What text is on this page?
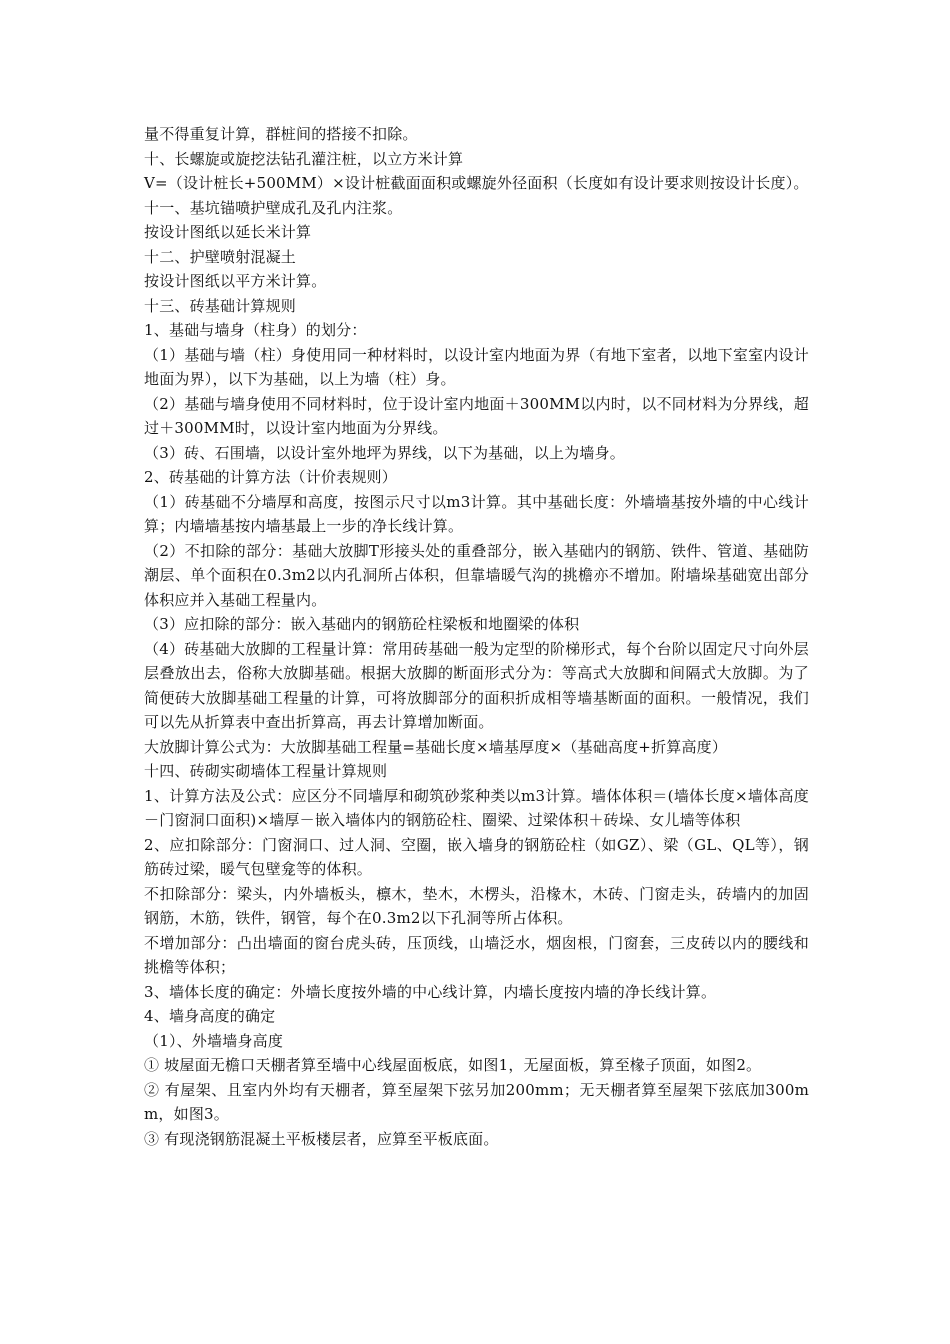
量不得重复计算，群桩间的搭接不扣除。

十、长螺旋或旋挖法钻孔灌注桩，以立方米计算

V=（设计桩长+500MM）×设计桩截面面积或螺旋外径面积（长度如有设计要求则按设计长度）。

十一、基坑锚喷护壁成孔及孔内注浆。

按设计图纸以延长米计算

十二、护壁喷射混凝土

按设计图纸以平方米计算。

十三、砖基础计算规则

1、基础与墙身（柱身）的划分：

（1）基础与墙（柱）身使用同一种材料时，以设计室内地面为界（有地下室者，以地下室室内设计地面为界），以下为基础，以上为墙（柱）身。

（2）基础与墙身使用不同材料时，位于设计室内地面＋300MM以内时，以不同材料为分界线，超过＋300MM时，以设计室内地面为分界线。

（3）砖、石围墙，以设计室外地坪为界线，以下为基础，以上为墙身。

2、砖基础的计算方法（计价表规则）

（1）砖基础不分墙厚和高度，按图示尺寸以m3计算。其中基础长度：外墙墙基按外墙的中心线计算；内墙墙基按内墙基最上一步的净长线计算。

（2）不扣除的部分：基础大放脚T形接头处的重叠部分，嵌入基础内的钢筋、铁件、管道、基础防潮层、单个面积在0.3m2以内孔洞所占体积，但靠墙暖气沟的挑檐亦不增加。附墙垛基础宽出部分体积应并入基础工程量内。

（3）应扣除的部分：嵌入基础内的钢筋砼柱梁板和地圈梁的体积

（4）砖基础大放脚的工程量计算：常用砖基础一般为定型的阶梯形式，每个台阶以固定尺寸向外层层叠放出去，俗称大放脚基础。根据大放脚的断面形式分为：等高式大放脚和间隔式大放脚。为了简便砖大放脚基础工程量的计算，可将放脚部分的面积折成相等墙基断面的面积。一般情况，我们可以先从折算表中查出折算高，再去计算增加断面。

大放脚计算公式为：大放脚基础工程量=基础长度×墙基厚度×（基础高度+折算高度）

十四、砖砌实砌墙体工程量计算规则

1、计算方法及公式：应区分不同墙厚和砌筑砂浆种类以m3计算。墙体体积＝(墙体长度×墙体高度－门窗洞口面积)×墙厚－嵌入墙体内的钢筋砼柱、圈梁、过梁体积＋砖垛、女儿墙等体积

2、应扣除部分：门窗洞口、过人洞、空圈，嵌入墙身的钢筋砼柱（如GZ）、梁（GL、QL等），钢筋砖过梁，暖气包壁龛等的体积。

不扣除部分：梁头，内外墙板头，檩木，垫木，木楞头，沿椽木，木砖、门窗走头，砖墙内的加固钢筋，木筋，铁件，钢管，每个在0.3m2以下孔洞等所占体积。

不增加部分：凸出墙面的窗台虎头砖，压顶线，山墙泛水，烟囱根，门窗套，三皮砖以内的腰线和挑檐等体积；

3、墙体长度的确定：外墙长度按外墙的中心线计算，内墙长度按内墙的净长线计算。

4、墙身高度的确定

（1）、外墙墙身高度

① 坡屋面无檐口天棚者算至墙中心线屋面板底，如图1，无屋面板，算至椽子顶面，如图2。

② 有屋架、且室内外均有天棚者，算至屋架下弦另加200mm；无天棚者算至屋架下弦底加300mm，如图3。

③ 有现浇钢筋混凝土平板楼层者，应算至平板底面。
